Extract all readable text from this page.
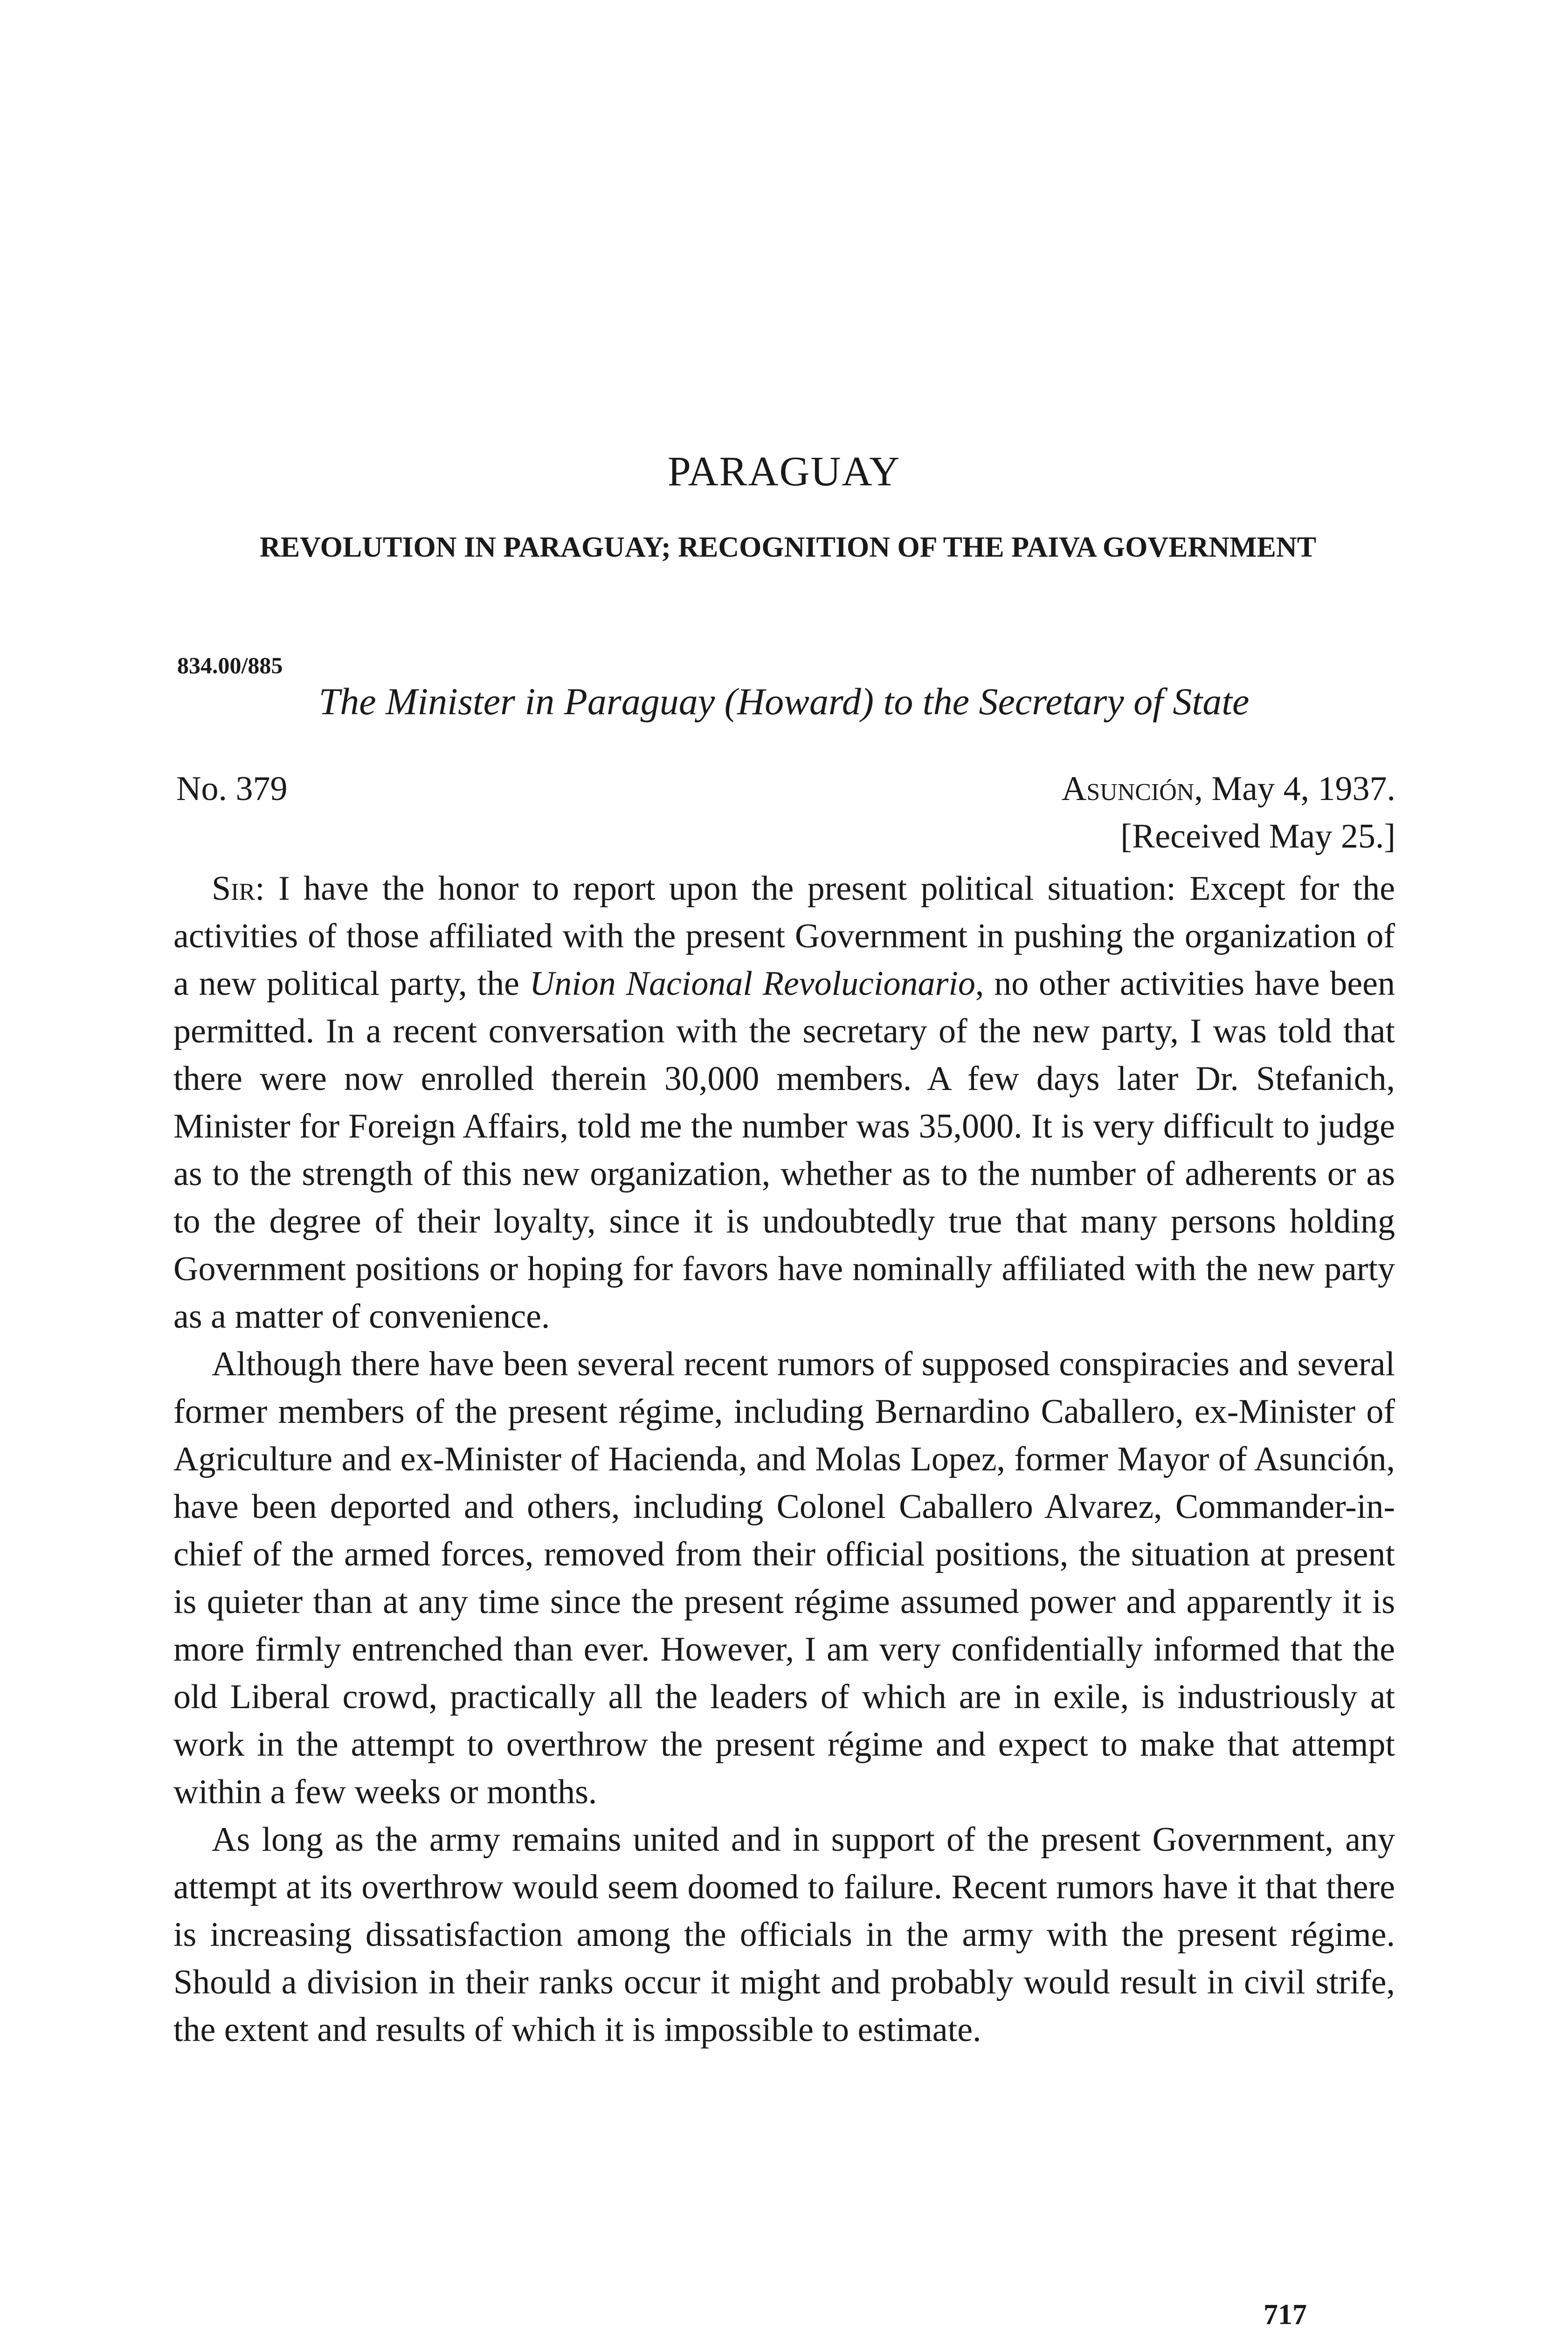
PARAGUAY
REVOLUTION IN PARAGUAY; RECOGNITION OF THE PAIVA GOVERNMENT
834.00/885
The Minister in Paraguay (Howard) to the Secretary of State
No. 379	Asunción, May 4, 1937.
[Received May 25.]

Sir: I have the honor to report upon the present political situation: Except for the activities of those affiliated with the present Government in pushing the organization of a new political party, the Union Nacional Revolucionario, no other activities have been permitted. In a recent conversation with the secretary of the new party, I was told that there were now enrolled therein 30,000 members. A few days later Dr. Stefanich, Minister for Foreign Affairs, told me the number was 35,000. It is very difficult to judge as to the strength of this new organization, whether as to the number of adherents or as to the degree of their loyalty, since it is undoubtedly true that many persons holding Government positions or hoping for favors have nominally affiliated with the new party as a matter of convenience.

Although there have been several recent rumors of supposed conspiracies and several former members of the present régime, including Bernardino Caballero, ex-Minister of Agriculture and ex-Minister of Hacienda, and Molas Lopez, former Mayor of Asunción, have been deported and others, including Colonel Caballero Alvarez, Commander-in-chief of the armed forces, removed from their official positions, the situation at present is quieter than at any time since the present régime assumed power and apparently it is more firmly entrenched than ever. However, I am very confidentially informed that the old Liberal crowd, practically all the leaders of which are in exile, is industriously at work in the attempt to overthrow the present régime and expect to make that attempt within a few weeks or months.

As long as the army remains united and in support of the present Government, any attempt at its overthrow would seem doomed to failure. Recent rumors have it that there is increasing dissatisfaction among the officials in the army with the present régime. Should a division in their ranks occur it might and probably would result in civil strife, the extent and results of which it is impossible to estimate.

717
